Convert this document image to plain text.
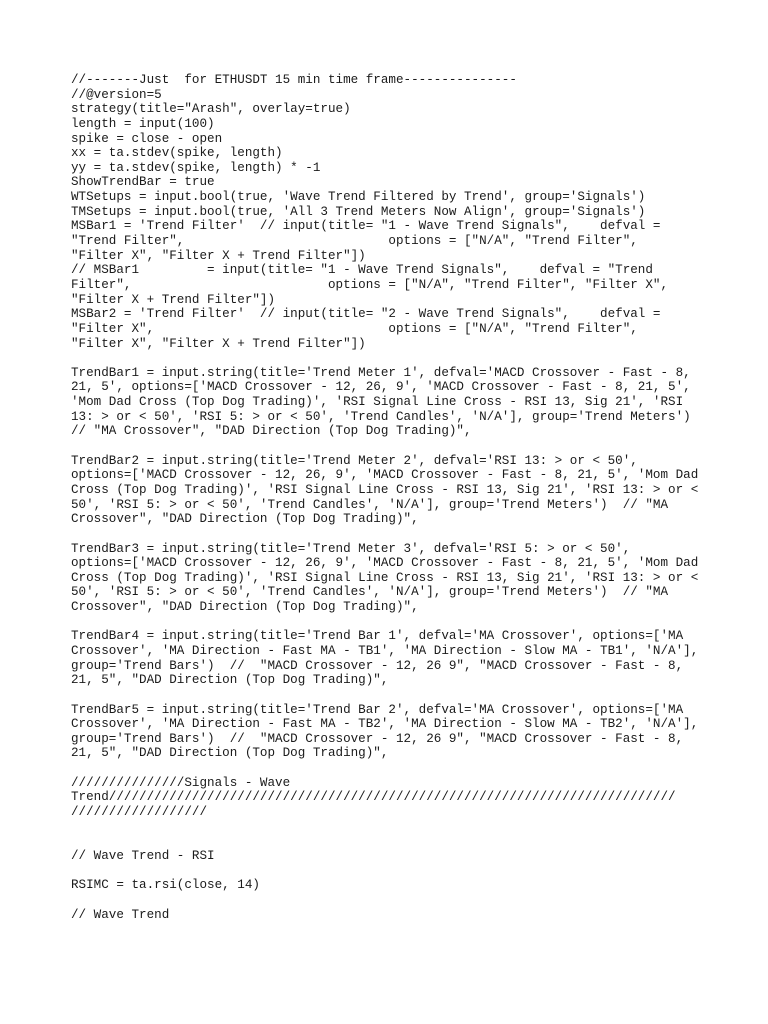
//-------Just  for ETHUSDT 15 min time frame---------------
//@version=5
strategy(title="Arash", overlay=true)
length = input(100)
spike = close - open
xx = ta.stdev(spike, length)
yy = ta.stdev(spike, length) * -1
ShowTrendBar = true
WTSetups = input.bool(true, 'Wave Trend Filtered by Trend', group='Signals')
TMSetups = input.bool(true, 'All 3 Trend Meters Now Align', group='Signals')
MSBar1 = 'Trend Filter'  // input(title= "1 - Wave Trend Signals",    defval =
"Trend Filter",                           options = ["N/A", "Trend Filter",
"Filter X", "Filter X + Trend Filter"])
// MSBar1         = input(title= "1 - Wave Trend Signals",    defval = "Trend
Filter",                          options = ["N/A", "Trend Filter", "Filter X",
"Filter X + Trend Filter"])
MSBar2 = 'Trend Filter'  // input(title= "2 - Wave Trend Signals",    defval =
"Filter X",                               options = ["N/A", "Trend Filter",
"Filter X", "Filter X + Trend Filter"])
TrendBar1 = input.string(title='Trend Meter 1', defval='MACD Crossover - Fast - 8,
21, 5', options=['MACD Crossover - 12, 26, 9', 'MACD Crossover - Fast - 8, 21, 5',
'Mom Dad Cross (Top Dog Trading)', 'RSI Signal Line Cross - RSI 13, Sig 21', 'RSI
13: > or < 50', 'RSI 5: > or < 50', 'Trend Candles', 'N/A'], group='Trend Meters')
// "MA Crossover", "DAD Direction (Top Dog Trading)",
TrendBar2 = input.string(title='Trend Meter 2', defval='RSI 13: > or < 50',
options=['MACD Crossover - 12, 26, 9', 'MACD Crossover - Fast - 8, 21, 5', 'Mom Dad
Cross (Top Dog Trading)', 'RSI Signal Line Cross - RSI 13, Sig 21', 'RSI 13: > or <
50', 'RSI 5: > or < 50', 'Trend Candles', 'N/A'], group='Trend Meters')  // "MA
Crossover", "DAD Direction (Top Dog Trading)",
TrendBar3 = input.string(title='Trend Meter 3', defval='RSI 5: > or < 50',
options=['MACD Crossover - 12, 26, 9', 'MACD Crossover - Fast - 8, 21, 5', 'Mom Dad
Cross (Top Dog Trading)', 'RSI Signal Line Cross - RSI 13, Sig 21', 'RSI 13: > or <
50', 'RSI 5: > or < 50', 'Trend Candles', 'N/A'], group='Trend Meters')  // "MA
Crossover", "DAD Direction (Top Dog Trading)",
TrendBar4 = input.string(title='Trend Bar 1', defval='MA Crossover', options=['MA
Crossover', 'MA Direction - Fast MA - TB1', 'MA Direction - Slow MA - TB1', 'N/A'],
group='Trend Bars')  //  "MACD Crossover - 12, 26 9", "MACD Crossover - Fast - 8,
21, 5", "DAD Direction (Top Dog Trading)",
TrendBar5 = input.string(title='Trend Bar 2', defval='MA Crossover', options=['MA
Crossover', 'MA Direction - Fast MA - TB2', 'MA Direction - Slow MA - TB2', 'N/A'],
group='Trend Bars')  //  "MACD Crossover - 12, 26 9", "MACD Crossover - Fast - 8,
21, 5", "DAD Direction (Top Dog Trading)",
///////////////Signals - Wave
Trend///////////////////////////////////////////////////////////////////////////
//////////////////
// Wave Trend - RSI
RSIMC = ta.rsi(close, 14)
// Wave Trend
